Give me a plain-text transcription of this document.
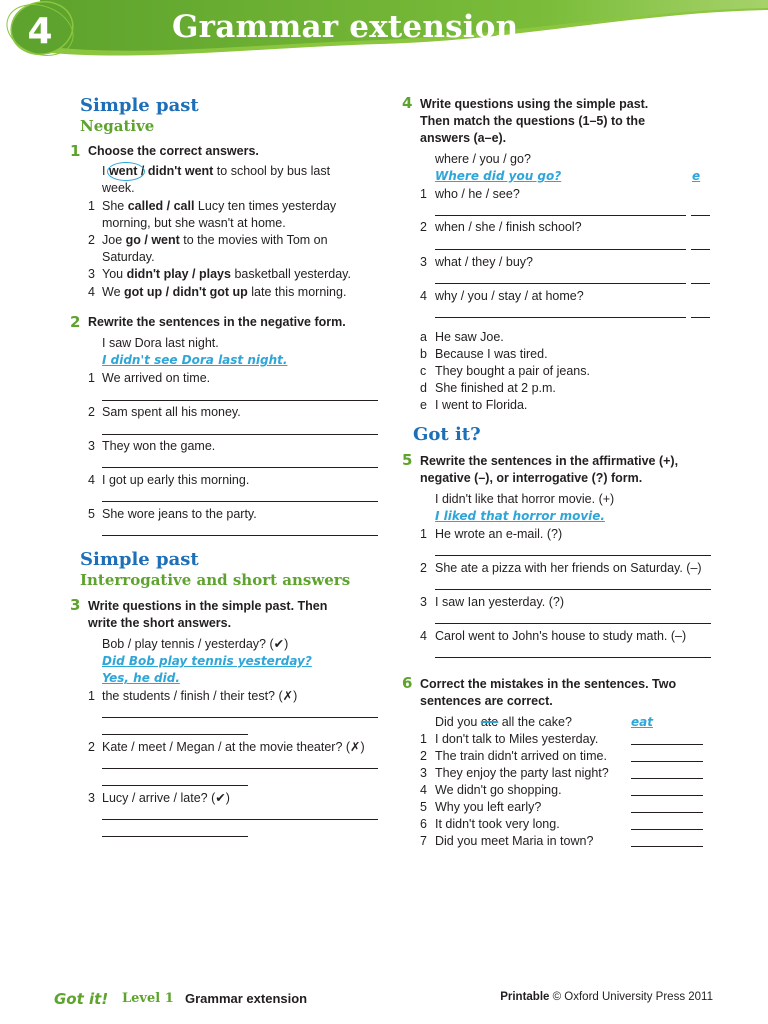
4	Grammar extension
Simple past
Negative
1 Choose the correct answers.
I went / didn't went to school by bus last
week.
1 She called / call Lucy ten times yesterday
morning, but she wasn't at home.
2 Joe go / went to the movies with Tom on
Saturday.
3 You didn't play / plays basketball yesterday.
4 We got up / didn't got up late this morning.
2 Rewrite the sentences in the negative form.
I saw Dora last night.
I didn't see Dora last night.
1 We arrived on time.
2 Sam spent all his money.
3 They won the game.
4 I got up early this morning.
5 She wore jeans to the party.
Simple past
Interrogative and short answers
3 Write questions in the simple past. Then
write the short answers.
Bob / play tennis / yesterday? (✔)
Did Bob play tennis yesterday?
Yes, he did.
1 the students / finish / their test? (✗)
2 Kate / meet / Megan / at the movie theater? (✗)
3 Lucy / arrive / late? (✔)
4 Write questions using the simple past.
Then match the questions (1–5) to the
answers (a–e).
where / you / go?
Where did you go?	e
1 who / he / see?
2 when / she / finish school?
3 what / they / buy?
4 why / you / stay / at home?
a He saw Joe.
b Because I was tired.
c They bought a pair of jeans.
d She finished at 2 p.m.
e I went to Florida.
Got it?
5 Rewrite the sentences in the affirmative (+),
negative (–), or interrogative (?) form.
I didn't like that horror movie. (+)
I liked that horror movie.
1 He wrote an e-mail. (?)
2 She ate a pizza with her friends on Saturday. (–)
3 I saw Ian yesterday. (?)
4 Carol went to John's house to study math. (–)
6 Correct the mistakes in the sentences. Two
sentences are correct.
Did you ate all the cake?	eat
1 I don't talk to Miles yesterday.
2 The train didn't arrived on time.
3 They enjoy the party last night?
4 We didn't go shopping.
5 Why you left early?
6 It didn't took very long.
7 Did you meet Maria in town?
Got it! Level 1 Grammar extension	Printable © Oxford University Press 2011
